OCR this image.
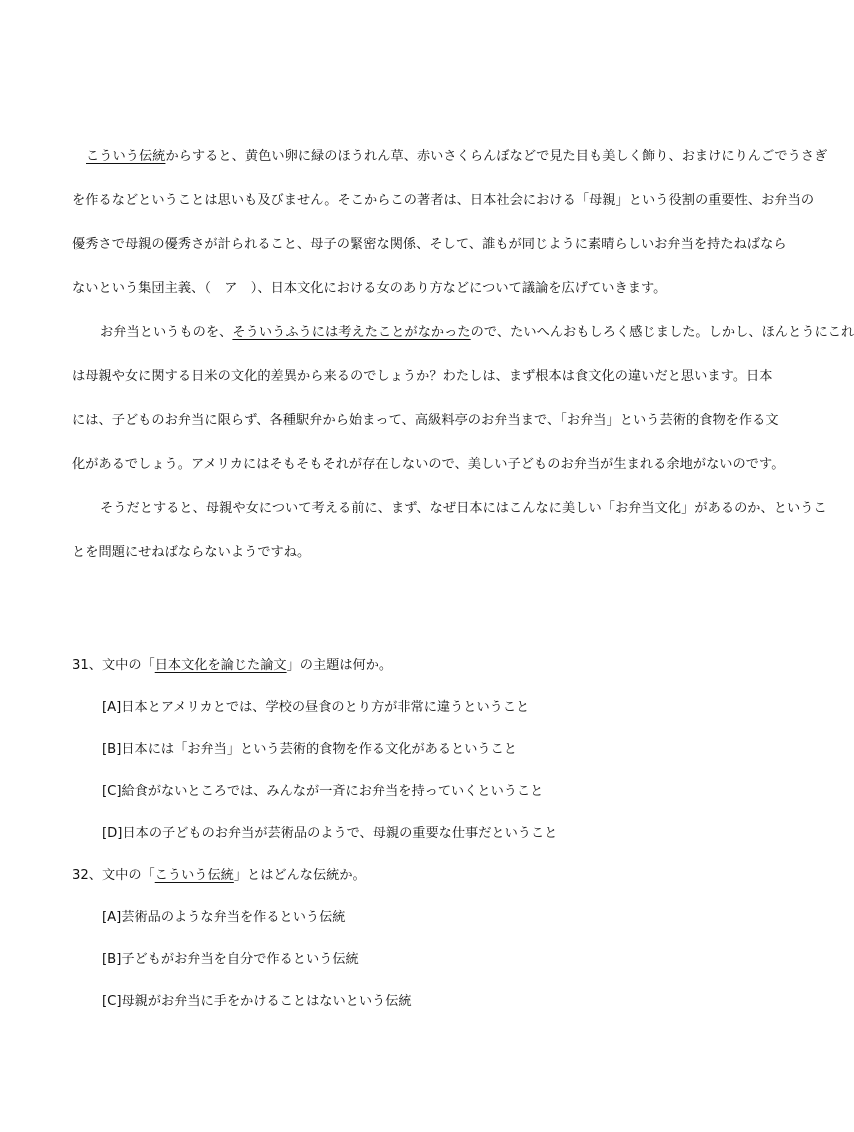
こういう伝統からすると、黄色い卵に緑のほうれん草、赤いさくらんぼなどで見た目も美しく飾り、おまけにりんごでうさぎ
を作るなどということは思いも及びません。そこからこの著者は、日本社会における「母親」という役割の重要性、お弁当の
優秀さで母親の優秀さが計られること、母子の緊密な関係、そして、誰もが同じように素晴らしいお弁当を持たねばなら
ないという集団主義、（　ア　）、日本文化における女のあり方などについて議論を広げていきます。
お弁当というものを、そういうふうには考えたことがなかったので、たいへんおもしろく感じました。しかし、ほんとうにこれ
は母親や女に関する日米の文化的差異から来るのでしょうか？わたしは、まず根本は食文化の違いだと思います。日本
には、子どものお弁当に限らず、各種駅弁から始まって、高級料亭のお弁当まで、「お弁当」という芸術的食物を作る文
化があるでしょう。アメリカにはそもそもそれが存在しないので、美しい子どものお弁当が生まれる余地がないのです。
そうだとすると、母親や女について考える前に、まず、なぜ日本にはこんなに美しい「お弁当文化」があるのか、というこ
とを問題にせねばならないようですね。
31、文中の「日本文化を論じた論文」の主題は何か。
[A]日本とアメリカとでは、学校の昼食のとり方が非常に違うということ
[B]日本には「お弁当」という芸術的食物を作る文化があるということ
[C]給食がないところでは、みんなが一斉にお弁当を持っていくということ
[D]日本の子どものお弁当が芸術品のようで、母親の重要な仕事だということ
32、文中の「こういう伝統」とはどんな伝統か。
[A]芸術品のような弁当を作るという伝統
[B]子どもがお弁当を自分で作るという伝統
[C]母親がお弁当に手をかけることはないという伝統
